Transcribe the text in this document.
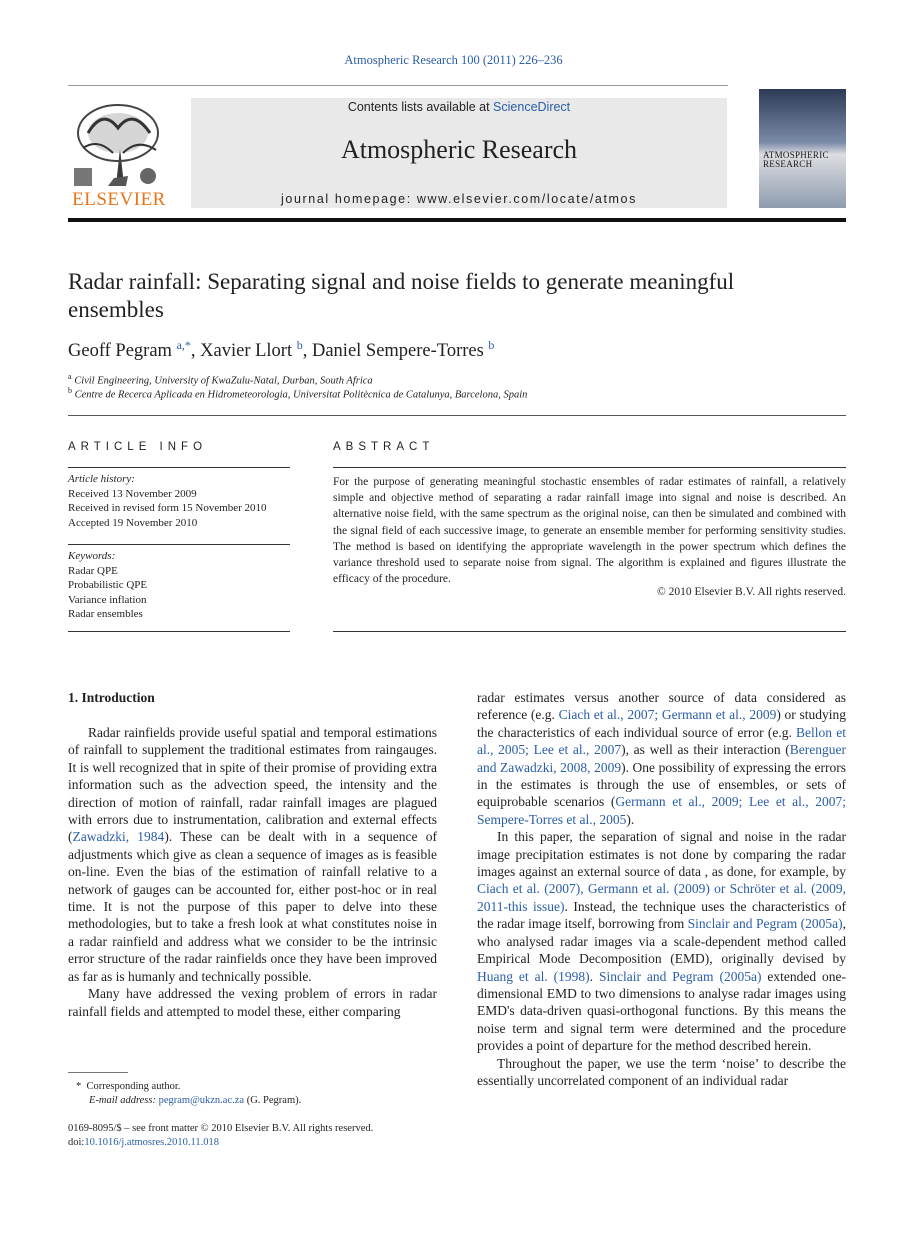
Atmospheric Research 100 (2011) 226–236
ELSEVIER
Contents lists available at ScienceDirect
Atmospheric Research
journal homepage: www.elsevier.com/locate/atmos
ATMOSPHERIC RESEARCH
Radar rainfall: Separating signal and noise fields to generate meaningful ensembles
Geoff Pegram $^{a,*}$, Xavier Llort $^b$, Daniel Sempere-Torres $^b$
$^a$ Civil Engineering, University of KwaZulu-Natal, Durban, South Africa
$^b$ Centre de Recerca Aplicada en Hidrometeorologia, Universitat Politècnica de Catalunya, Barcelona, Spain
ARTICLE INFO
Article history:
Received 13 November 2009
Received in revised form 15 November 2010
Accepted 19 November 2010
Keywords:
Radar QPE
Probabilistic QPE
Variance inflation
Radar ensembles
ABSTRACT
For the purpose of generating meaningful stochastic ensembles of radar estimates of rainfall, a relatively simple and objective method of separating a radar rainfall image into signal and noise is described. An alternative noise field, with the same spectrum as the original noise, can then be simulated and combined with the signal field of each successive image, to generate an ensemble member for performing sensitivity studies. The method is based on identifying the appropriate wavelength in the power spectrum which defines the variance threshold used to separate noise from signal. The algorithm is explained and figures illustrate the efficacy of the procedure.
© 2010 Elsevier B.V. All rights reserved.
1. Introduction

Radar rainfields provide useful spatial and temporal estimations of rainfall to supplement the traditional estimates from raingauges. It is well recognized that in spite of their promise of providing extra information such as the advection speed, the intensity and the direction of motion of rainfall, radar rainfall images are plagued with errors due to instrumentation, calibration and external effects (Zawadzki, 1984). These can be dealt with in a sequence of adjustments which give as clean a sequence of images as is feasible on-line. Even the bias of the estimation of rainfall relative to a network of gauges can be accounted for, either post-hoc or in real time. It is not the purpose of this paper to delve into these methodologies, but to take a fresh look at what constitutes noise in a radar rainfield and address what we consider to be the intrinsic error structure of the radar rainfields once they have been improved as far as is humanly and technically possible.

Many have addressed the vexing problem of errors in radar rainfall fields and attempted to model these, either comparing

radar estimates versus another source of data considered as reference (e.g. Ciach et al., 2007; Germann et al., 2009) or studying the characteristics of each individual source of error (e.g. Bellon et al., 2005; Lee et al., 2007), as well as their interaction (Berenguer and Zawadzki, 2008, 2009). One possibility of expressing the errors in the estimates is through the use of ensembles, or sets of equiprobable scenarios (Germann et al., 2009; Lee et al., 2007; Sempere-Torres et al., 2005).

In this paper, the separation of signal and noise in the radar image precipitation estimates is not done by comparing the radar images against an external source of data , as done, for example, by Ciach et al. (2007), Germann et al. (2009) or Schröter et al. (2009, 2011-this issue). Instead, the technique uses the characteristics of the radar image itself, borrowing from Sinclair and Pegram (2005a), who analysed radar images via a scale-dependent method called Empirical Mode Decomposition (EMD), originally devised by Huang et al. (1998). Sinclair and Pegram (2005a) extended one-dimensional EMD to two dimensions to analyse radar images using EMD's data-driven quasi-orthogonal functions. By this means the noise term and signal term were determined and the procedure provides a point of departure for the method described herein.

Throughout the paper, we use the term ‘noise’ to describe the essentially uncorrelated component of an individual radar

*  Corresponding author.
E-mail address: pegram@ukzn.ac.za (G. Pegram).
0169-8095/$ – see front matter © 2010 Elsevier B.V. All rights reserved.
doi:10.1016/j.atmosres.2010.11.018
